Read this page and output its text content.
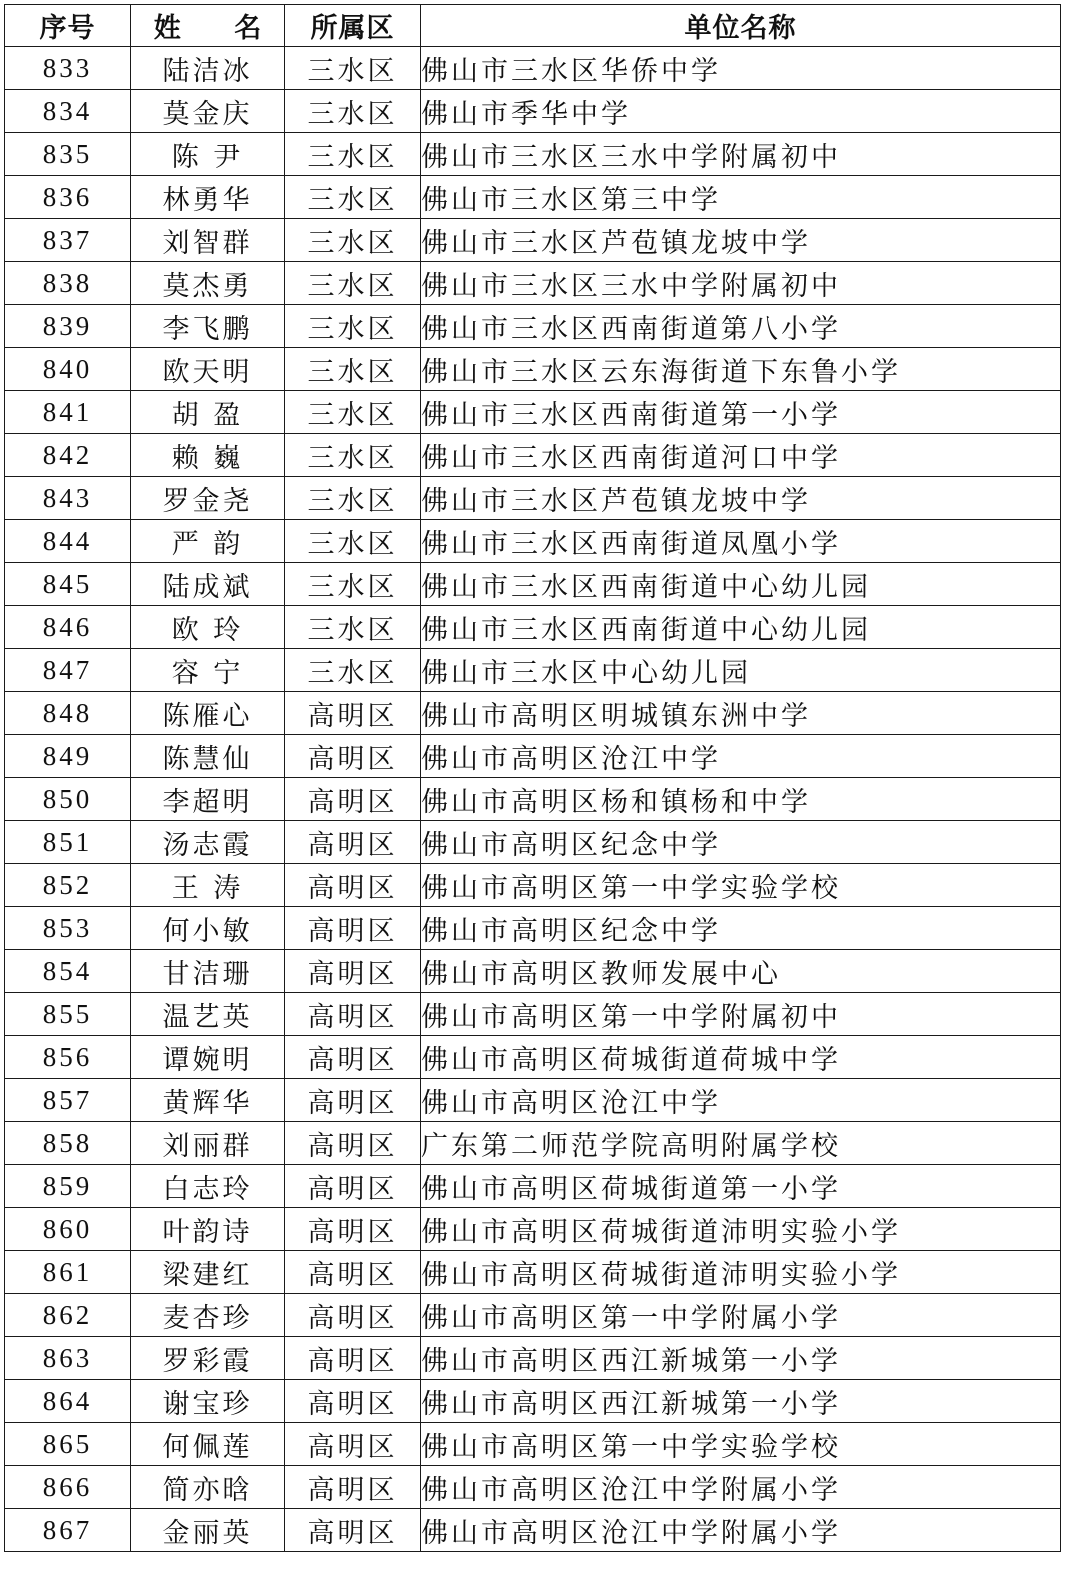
序号	姓 名	所属区	单位名称
833	陆洁冰	三水区	佛山市三水区华侨中学
834	莫金庆	三水区	佛山市季华中学
835	陈 尹	三水区	佛山市三水区三水中学附属初中
836	林勇华	三水区	佛山市三水区第三中学
837	刘智群	三水区	佛山市三水区芦苞镇龙坡中学
838	莫杰勇	三水区	佛山市三水区三水中学附属初中
839	李飞鹏	三水区	佛山市三水区西南街道第八小学
840	欧天明	三水区	佛山市三水区云东海街道下东鲁小学
841	胡 盈	三水区	佛山市三水区西南街道第一小学
842	赖 巍	三水区	佛山市三水区西南街道河口中学
843	罗金尧	三水区	佛山市三水区芦苞镇龙坡中学
844	严 韵	三水区	佛山市三水区西南街道凤凰小学
845	陆成斌	三水区	佛山市三水区西南街道中心幼儿园
846	欧 玲	三水区	佛山市三水区西南街道中心幼儿园
847	容 宁	三水区	佛山市三水区中心幼儿园
848	陈雁心	高明区	佛山市高明区明城镇东洲中学
849	陈慧仙	高明区	佛山市高明区沧江中学
850	李超明	高明区	佛山市高明区杨和镇杨和中学
851	汤志霞	高明区	佛山市高明区纪念中学
852	王 涛	高明区	佛山市高明区第一中学实验学校
853	何小敏	高明区	佛山市高明区纪念中学
854	甘洁珊	高明区	佛山市高明区教师发展中心
855	温艺英	高明区	佛山市高明区第一中学附属初中
856	谭婉明	高明区	佛山市高明区荷城街道荷城中学
857	黄辉华	高明区	佛山市高明区沧江中学
858	刘丽群	高明区	广东第二师范学院高明附属学校
859	白志玲	高明区	佛山市高明区荷城街道第一小学
860	叶韵诗	高明区	佛山市高明区荷城街道沛明实验小学
861	梁建红	高明区	佛山市高明区荷城街道沛明实验小学
862	麦杏珍	高明区	佛山市高明区第一中学附属小学
863	罗彩霞	高明区	佛山市高明区西江新城第一小学
864	谢宝珍	高明区	佛山市高明区西江新城第一小学
865	何佩莲	高明区	佛山市高明区第一中学实验学校
866	简亦晗	高明区	佛山市高明区沧江中学附属小学
867	金丽英	高明区	佛山市高明区沧江中学附属小学
